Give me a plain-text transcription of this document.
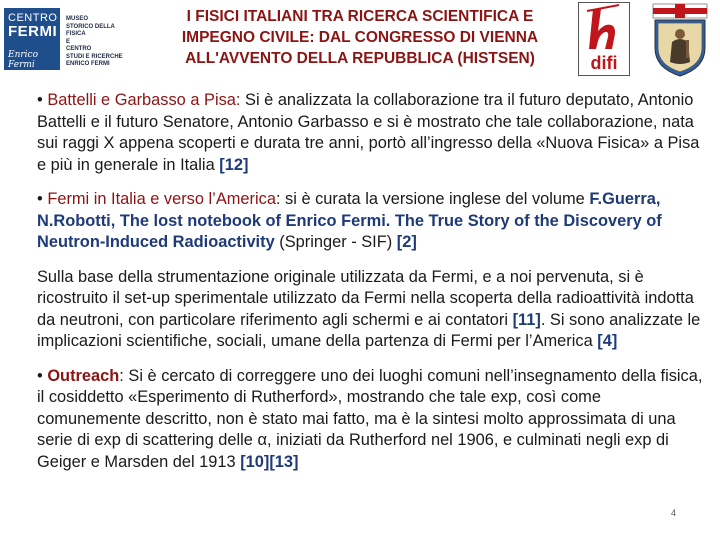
CENTRO
FERMI
Enrico Fermi
MUSEO
STORICO DELLA FISICA
E
CENTRO
STUDI E RICERCHE
ENRICO FERMI
I FISICI ITALIANI TRA RICERCA SCIENTIFICA E IMPEGNO CIVILE: DAL CONGRESSO DI VIENNA ALL'AVVENTO DELLA REPUBBLICA (HISTSEN)	difi

• Battelli e Garbasso a Pisa: Si è analizzata la collaborazione tra il futuro deputato, Antonio Battelli e il futuro Senatore, Antonio Garbasso e si è mostrato che tale collaborazione, nata sui raggi X appena scoperti e durata tre anni, portò all’ingresso della «Nuova Fisica» a Pisa e più in generale in Italia [12]

• Fermi in Italia e verso l’America: si è curata la versione inglese del volume F.Guerra, N.Robotti, The lost notebook of Enrico Fermi. The True Story of the Discovery of Neutron-Induced Radioactivity (Springer - SIF) [2]

Sulla base della strumentazione originale utilizzata da Fermi, e a noi pervenuta, si è ricostruito il set-up sperimentale utilizzato da Fermi nella scoperta della radioattività indotta da neutroni, con particolare riferimento agli schermi e ai contatori [11]. Si sono analizzate le implicazioni scientifiche, sociali, umane della partenza di Fermi per l’America [4]

• Outreach: Si è cercato di correggere uno dei luoghi comuni nell’insegnamento della fisica, il cosiddetto «Esperimento di Rutherford», mostrando che tale exp, così come comunemente descritto, non è stato mai fatto, ma è la sintesi molto approssimata di una serie di exp di scattering delle α, iniziati da Rutherford nel 1906, e culminati negli exp di Geiger e Marsden del 1913 [10][13]

4
